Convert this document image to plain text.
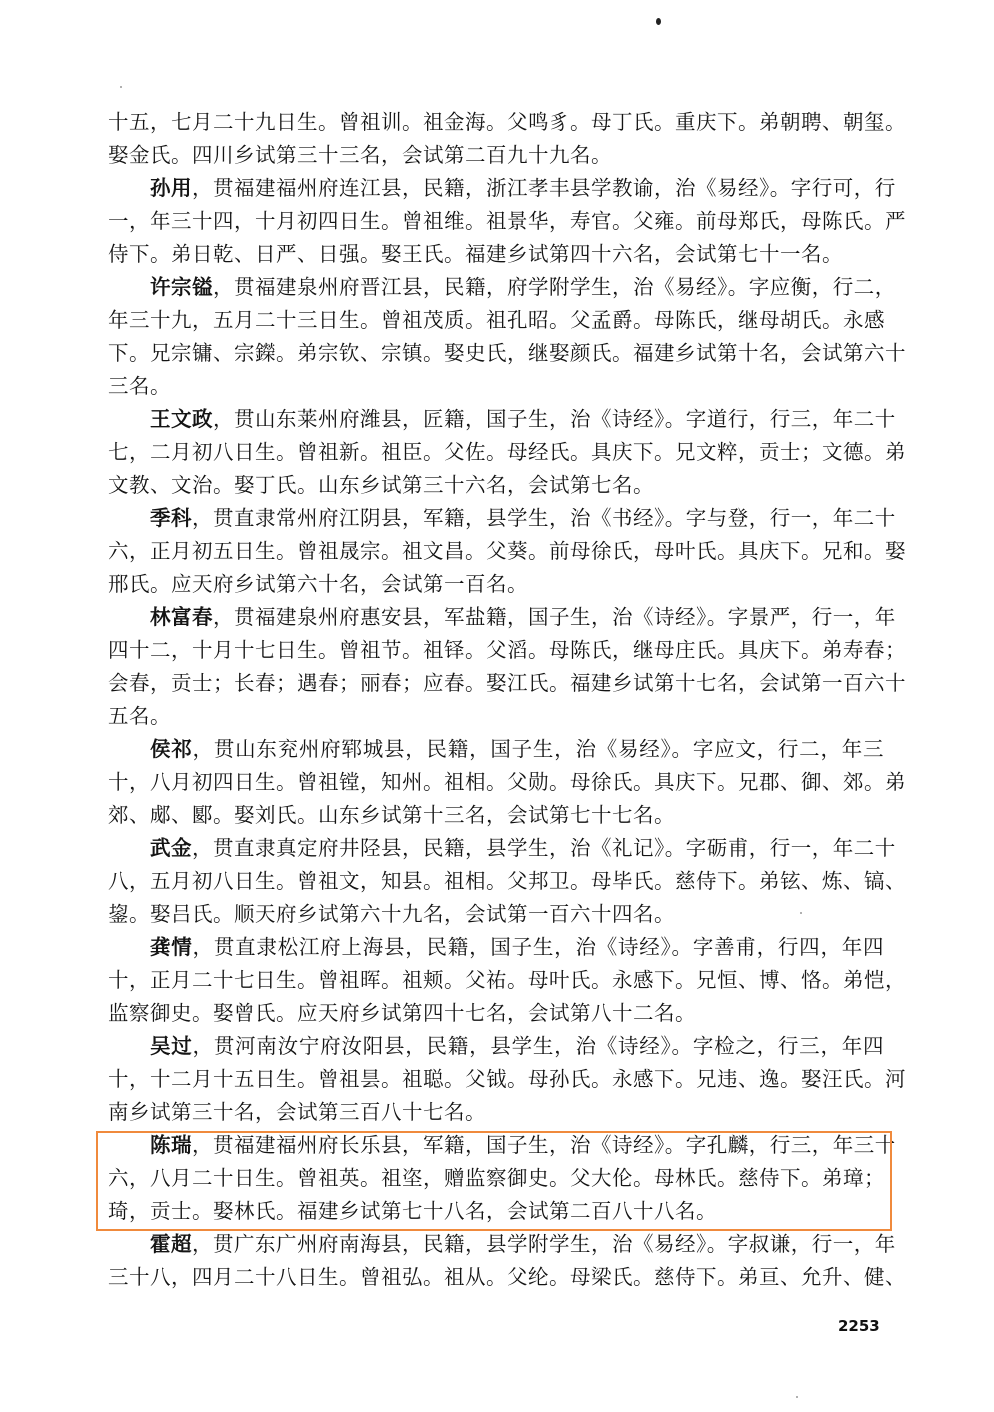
十五，七月二十九日生。曾祖训。祖金海。父鸣豸。母丁氏。重庆下。弟朝聘、朝玺。
娶金氏。四川乡试第三十三名，会试第二百九十九名。
孙用，贯福建福州府连江县，民籍，浙江孝丰县学教谕，治《易经》。字行可，行
一，年三十四，十月初四日生。曾祖维。祖景华，寿官。父雍。前母郑氏，母陈氏。严
侍下。弟日乾、日严、日强。娶王氏。福建乡试第四十六名，会试第七十一名。
许宗镒，贯福建泉州府晋江县，民籍，府学附学生，治《易经》。字应衡，行二，
年三十九，五月二十三日生。曾祖茂质。祖孔昭。父孟爵。母陈氏，继母胡氏。永感
下。兄宗镛、宗鑅。弟宗钦、宗镇。娶史氏，继娶颜氏。福建乡试第十名，会试第六十
三名。
王文政，贯山东莱州府潍县，匠籍，国子生，治《诗经》。字道行，行三，年二十
七，二月初八日生。曾祖新。祖臣。父佐。母经氏。具庆下。兄文粹，贡士；文德。弟
文教、文治。娶丁氏。山东乡试第三十六名，会试第七名。
季科，贯直隶常州府江阴县，军籍，县学生，治《书经》。字与登，行一，年二十
六，正月初五日生。曾祖晟宗。祖文昌。父葵。前母徐氏，母叶氏。具庆下。兄和。娶
邢氏。应天府乡试第六十名，会试第一百名。
林富春，贯福建泉州府惠安县，军盐籍，国子生，治《诗经》。字景严，行一，年
四十二，十月十七日生。曾祖节。祖铎。父滔。母陈氏，继母庄氏。具庆下。弟寿春；
会春，贡士；长春；遇春；丽春；应春。娶江氏。福建乡试第十七名，会试第一百六十
五名。
侯祁，贯山东兖州府郓城县，民籍，国子生，治《易经》。字应文，行二，年三
十，八月初四日生。曾祖镗，知州。祖相。父勋。母徐氏。具庆下。兄郡、御、郊。弟
郊、郕、郾。娶刘氏。山东乡试第十三名，会试第七十七名。
武金，贯直隶真定府井陉县，民籍，县学生，治《礼记》。字砺甫，行一，年二十
八，五月初八日生。曾祖文，知县。祖相。父邦卫。母毕氏。慈侍下。弟铉、炼、镐、
鋆。娶吕氏。顺天府乡试第六十九名，会试第一百六十四名。
龚情，贯直隶松江府上海县，民籍，国子生，治《诗经》。字善甫，行四，年四
十，正月二十七日生。曾祖晖。祖颊。父祐。母叶氏。永感下。兄恒、博、恪。弟恺，
监察御史。娶曾氏。应天府乡试第四十七名，会试第八十二名。
吴过，贯河南汝宁府汝阳县，民籍，县学生，治《诗经》。字检之，行三，年四
十，十二月十五日生。曾祖昙。祖聪。父钺。母孙氏。永感下。兄违、逸。娶汪氏。河
南乡试第三十名，会试第三百八十七名。
陈瑞，贯福建福州府长乐县，军籍，国子生，治《诗经》。字孔麟，行三，年三十
六，八月二十日生。曾祖英。祖垐，赠监察御史。父大伦。母林氏。慈侍下。弟璋；
琦，贡士。娶林氏。福建乡试第七十八名，会试第二百八十八名。
霍超，贯广东广州府南海县，民籍，县学附学生，治《易经》。字叔谦，行一，年
三十八，四月二十八日生。曾祖弘。祖从。父纶。母梁氏。慈侍下。弟亘、允升、健、
2253
